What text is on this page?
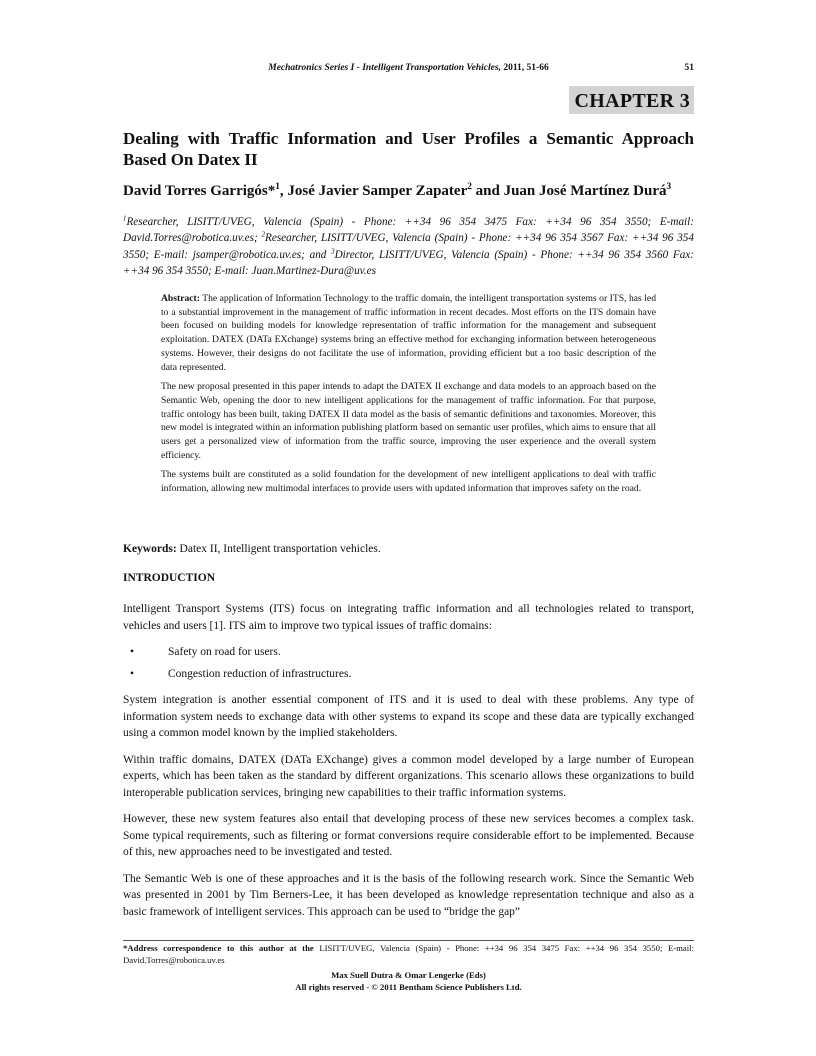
Mechatronics Series I - Intelligent Transportation Vehicles, 2011, 51-66	51
CHAPTER 3
Dealing with Traffic Information and User Profiles a Semantic Approach Based On Datex II
David Torres Garrigós*$^1$, José Javier Samper Zapater$^2$ and Juan José Martínez Durá$^3$
$^1$Researcher, LISITT/UVEG, Valencia (Spain) - Phone: ++34 96 354 3475 Fax: ++34 96 354 3550; E-mail: David.Torres@robotica.uv.es; $^2$Researcher, LISITT/UVEG, Valencia (Spain) - Phone: ++34 96 354 3567 Fax: ++34 96 354 3550; E-mail: jsamper@robotica.uv.es; and $^3$Director, LISITT/UVEG, Valencia (Spain) - Phone: ++34 96 354 3560 Fax: ++34 96 354 3550; E-mail: Juan.Martinez-Dura@uv.es

Abstract: The application of Information Technology to the traffic domain, the intelligent transportation systems or ITS, has led to a substantial improvement in the management of traffic information in recent decades. Most efforts on the ITS domain have been focused on building models for knowledge representation of traffic information for the management and subsequent exploitation. DATEX (DATa EXchange) systems bring an effective method for exchanging information between heterogeneous systems. However, their designs do not facilitate the use of information, providing efficient but a too basic description of the data represented.

The new proposal presented in this paper intends to adapt the DATEX II exchange and data models to an approach based on the Semantic Web, opening the door to new intelligent applications for the management of traffic information. For that purpose, traffic ontology has been built, taking DATEX II data model as the basis of semantic definitions and taxonomies. Moreover, this new model is integrated within an information publishing platform based on semantic user profiles, which aims to ensure that all users get a personalized view of information from the traffic source, improving the user experience and the overall system efficiency.

The systems built are constituted as a solid foundation for the development of new intelligent applications to deal with traffic information, allowing new multimodal interfaces to provide users with updated information that improves safety on the road.

Keywords: Datex II, Intelligent transportation vehicles.
INTRODUCTION

Intelligent Transport Systems (ITS) focus on integrating traffic information and all technologies related to transport, vehicles and users [1]. ITS aim to improve two typical issues of traffic domains:

•	Safety on road for users.
•	Congestion reduction of infrastructures.

System integration is another essential component of ITS and it is used to deal with these problems. Any type of information system needs to exchange data with other systems to expand its scope and these data are typically exchanged using a common model known by the implied stakeholders.

Within traffic domains, DATEX (DATa EXchange) gives a common model developed by a large number of European experts, which has been taken as the standard by different organizations. This scenario allows these organizations to build interoperable publication services, bringing new capabilities to their traffic information systems.

However, these new system features also entail that developing process of these new services becomes a complex task. Some typical requirements, such as filtering or format conversions require considerable effort to be implemented. Because of this, new approaches need to be investigated and tested.

The Semantic Web is one of these approaches and it is the basis of the following research work. Since the Semantic Web was presented in 2001 by Tim Berners-Lee, it has been developed as knowledge representation technique and also as a basic framework of intelligent services. This approach can be used to “bridge the gap”

*Address correspondence to this author at the LISITT/UVEG, Valencia (Spain) - Phone: ++34 96 354 3475 Fax: ++34 96 354 3550; E-mail: David.Torres@robotica.uv.es
Max Suell Dutra & Omar Lengerke (Eds)
All rights reserved - © 2011 Bentham Science Publishers Ltd.
